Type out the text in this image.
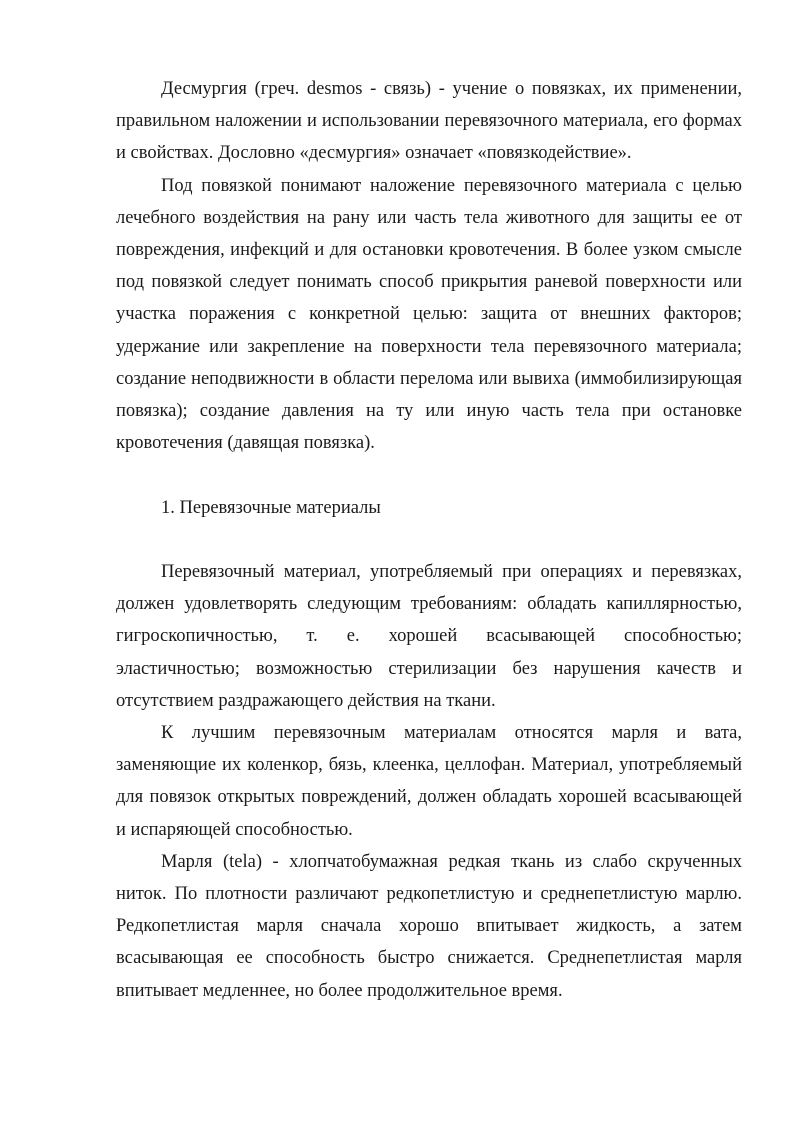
Десмургия (греч. desmos - связь) - учение о повязках, их применении, правильном наложении и использовании перевязочного материала, его формах и свойствах. Дословно «десмургия» означает «повязкодействие».

Под повязкой понимают наложение перевязочного материала с целью лечебного воздействия на рану или часть тела животного для защиты ее от повреждения, инфекций и для остановки кровотечения. В более узком смысле под повязкой следует понимать способ прикрытия раневой поверхности или участка поражения с конкретной целью: защита от внешних факторов; удержание или закрепление на поверхности тела перевязочного материала; создание неподвижности в области перелома или вывиха (иммобилизирующая повязка); создание давления на ту или иную часть тела при остановке кровотечения (давящая повязка).

1. Перевязочные материалы

Перевязочный материал, употребляемый при операциях и перевязках, должен удовлетворять следующим требованиям: обладать капиллярностью, гигроскопичностью, т. е. хорошей всасывающей способностью; эластичностью; возможностью стерилизации без нарушения качеств и отсутствием раздражающего действия на ткани.

К лучшим перевязочным материалам относятся марля и вата, заменяющие их коленкор, бязь, клеенка, целлофан. Материал, употребляемый для повязок открытых повреждений, должен обладать хорошей всасывающей и испаряющей способностью.

Марля (tela) - хлопчатобумажная редкая ткань из слабо скрученных ниток. По плотности различают редкопетлистую и среднепетлистую марлю. Редкопетлистая марля сначала хорошо впитывает жидкость, а затем всасывающая ее способность быстро снижается. Среднепетлистая марля впитывает медленнее, но более продолжительное время.
